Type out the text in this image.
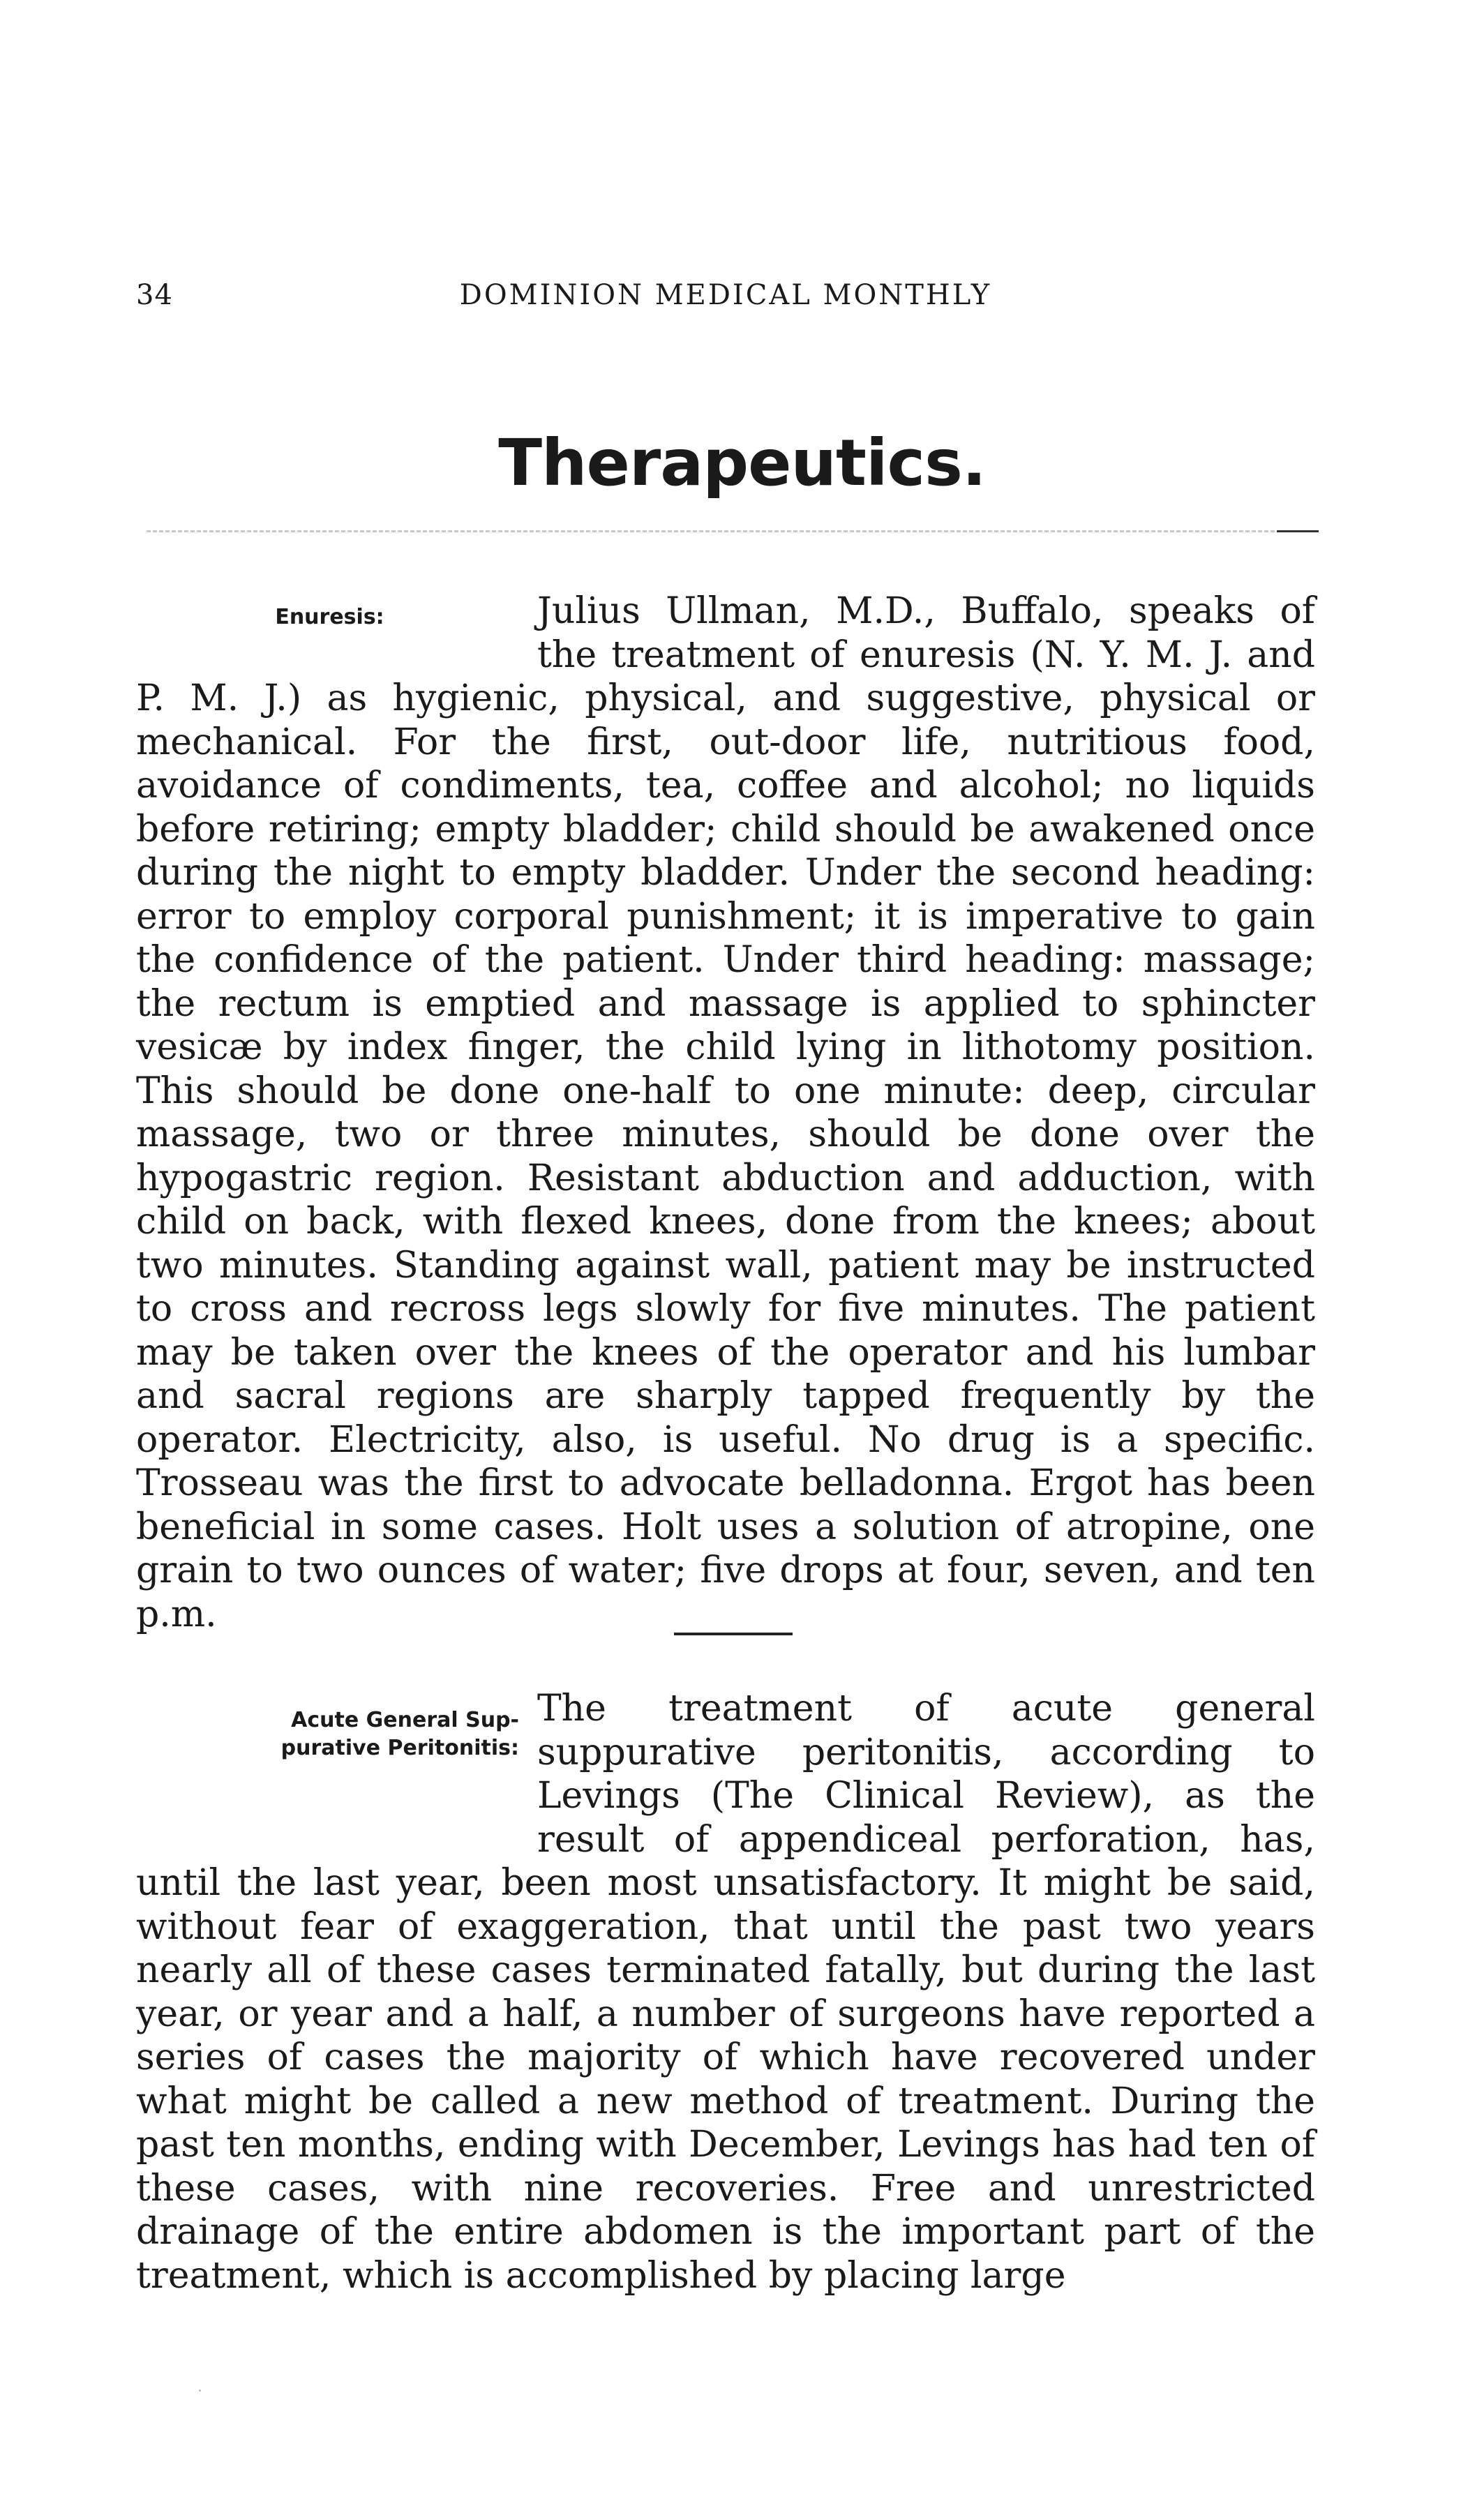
DOMINION MEDICAL MONTHLY
34
Therapeutics.
Enuresis:	Julius Ullman, M.D., Buffalo, speaks of the treatment of enuresis (N. Y. M. J. and P. M. J.) as hygienic, physical, and suggestive, physical or mechanical. For the first, out-door life, nutritious food, avoidance of condiments, tea, coffee and alcohol; no liquids before retiring; empty bladder; child should be awakened once during the night to empty bladder. Under the second heading: error to employ corporal punishment; it is imperative to gain the confidence of the patient. Under third heading: massage; the rectum is emptied and massage is applied to sphincter vesicæ by index finger, the child lying in lithotomy position. This should be done one-half to one minute: deep, circular massage, two or three minutes, should be done over the hypogastric region. Resistant abduction and adduction, with child on back, with flexed knees, done from the knees; about two minutes. Standing against wall, patient may be instructed to cross and recross legs slowly for five minutes. The patient may be taken over the knees of the operator and his lumbar and sacral regions are sharply tapped frequently by the operator. Electricity, also, is useful. No drug is a specific. Trosseau was the first to advocate belladonna. Ergot has been beneficial in some cases. Holt uses a solution of atropine, one grain to two ounces of water; five drops at four, seven, and ten p.m.

Acute General Sup-
purative Peritonitis:

The treatment of acute general suppurative peritonitis, according to Levings (The Clinical Review), as the result of appendiceal perforation, has, until the last year, been most unsatisfactory. It might be said, without fear of exaggeration, that until the past two years nearly all of these cases terminated fatally, but during the last year, or year and a half, a number of surgeons have reported a series of cases the majority of which have recovered under what might be called a new method of treatment. During the past ten months, ending with December, Levings has had ten of these cases, with nine recoveries. Free and unrestricted drainage of the entire abdomen is the important part of the treatment, which is accomplished by placing large
